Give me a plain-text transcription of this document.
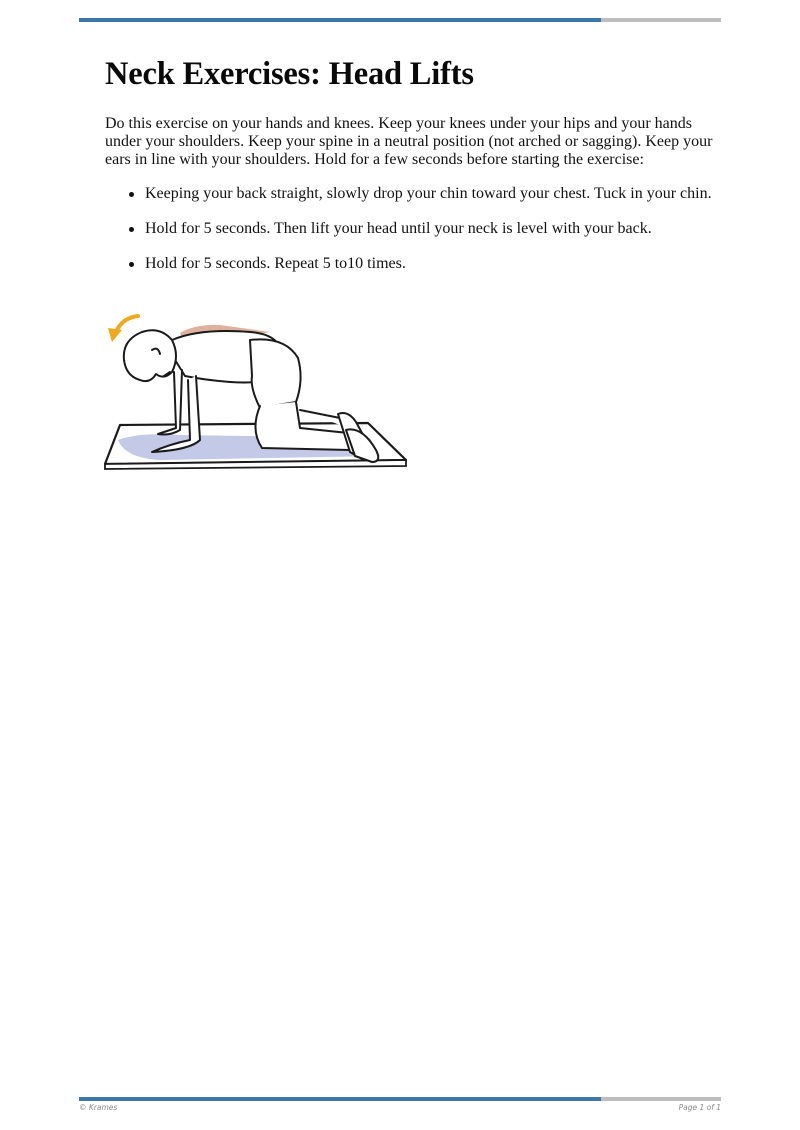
Neck Exercises: Head Lifts

Do this exercise on your hands and knees. Keep your knees under your hips and your hands under your shoulders. Keep your spine in a neutral position (not arched or sagging). Keep your ears in line with your shoulders. Hold for a few seconds before starting the exercise:

Keeping your back straight, slowly drop your chin toward your chest. Tuck in your chin.
Hold for 5 seconds. Then lift your head until your neck is level with your back.
Hold for 5 seconds. Repeat 5 to10 times.
© Krames	Page 1 of 1
